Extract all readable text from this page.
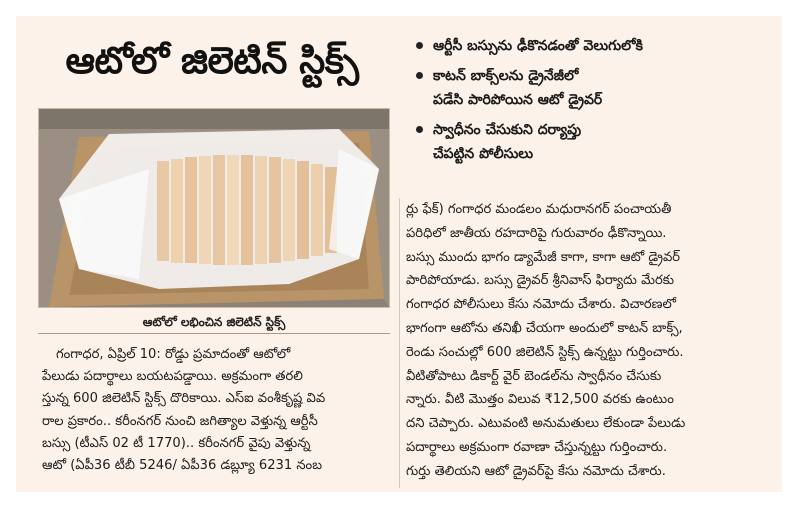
ఆటోలో జిలెటిన్ స్టిక్స్	ఆర్టీసీ బస్సును ఢీకొనడంతో వెలుగులోకి
కాటన్ బాక్స్‌లను డ్రైనేజీలో
పడేసి పారిపోయిన ఆటో డ్రైవర్
స్వాధీనం చేసుకుని దర్యాప్తు
చేపట్టిన పోలీసులు
ఆటోలో లభించిన జిలెటిన్ స్టిక్స్
గంగాధర, ఏప్రిల్ 10: రోడ్డు ప్రమాదంతో ఆటోలో
పేలుడు పదార్థాలు బయటపడ్డాయి. అక్రమంగా తరలి
స్తున్న 600 జిలెటిన్ స్టిక్స్ దొరికాయి. ఎస్‌ఐ వంశీకృష్ణ వివ
రాల ప్రకారం.. కరీంనగర్ నుంచి జగిత్యాల వెళ్తున్న ఆర్టీసీ
బస్సు (టీఎస్ 02 టీ 1770).. కరీంనగర్ వైపు వెళ్తున్న
ఆటో (ఏపీ36 టీబీ 5246/ ఏపీ36 డబ్ల్యూ 6231 నంబ
ర్లు ఫేక్) గంగాధర మండలం మధురానగర్ పంచాయతీ
పరిధిలో జాతీయ రహదారిపై గురువారం ఢీకొన్నాయి.
బస్సు ముందు భాగం డ్యామేజీ కాగా, కాగా ఆటో డ్రైవర్
పారిపోయాడు. బస్సు డ్రైవర్ శ్రీనివాస్ ఫిర్యాదు మేరకు
గంగాధర పోలీసులు కేసు నమోదు చేశారు. విచారణలో
భాగంగా ఆటోను తనిఖీ చేయగా అందులో కాటన్ బాక్స్,
రెండు సంచుల్లో 600 జిలెటిన్ స్టిక్స్ ఉన్నట్టు గుర్తించారు.
వీటితోపాటు డికార్ట్ వైర్ బెండల్‌ను స్వాధీనం చేసుకు
న్నారు. వీటి మొత్తం విలువ ₹12,500 వరకు ఉంటుం
దని చెప్పారు. ఎటువంటి అనుమతులు లేకుండా పేలుడు
పదార్థాలు అక్రమంగా రవాణా చేస్తున్నట్టు గుర్తించారు.
గుర్తు తెలియని ఆటో డ్రైవర్‌పై కేసు నమోదు చేశారు.
